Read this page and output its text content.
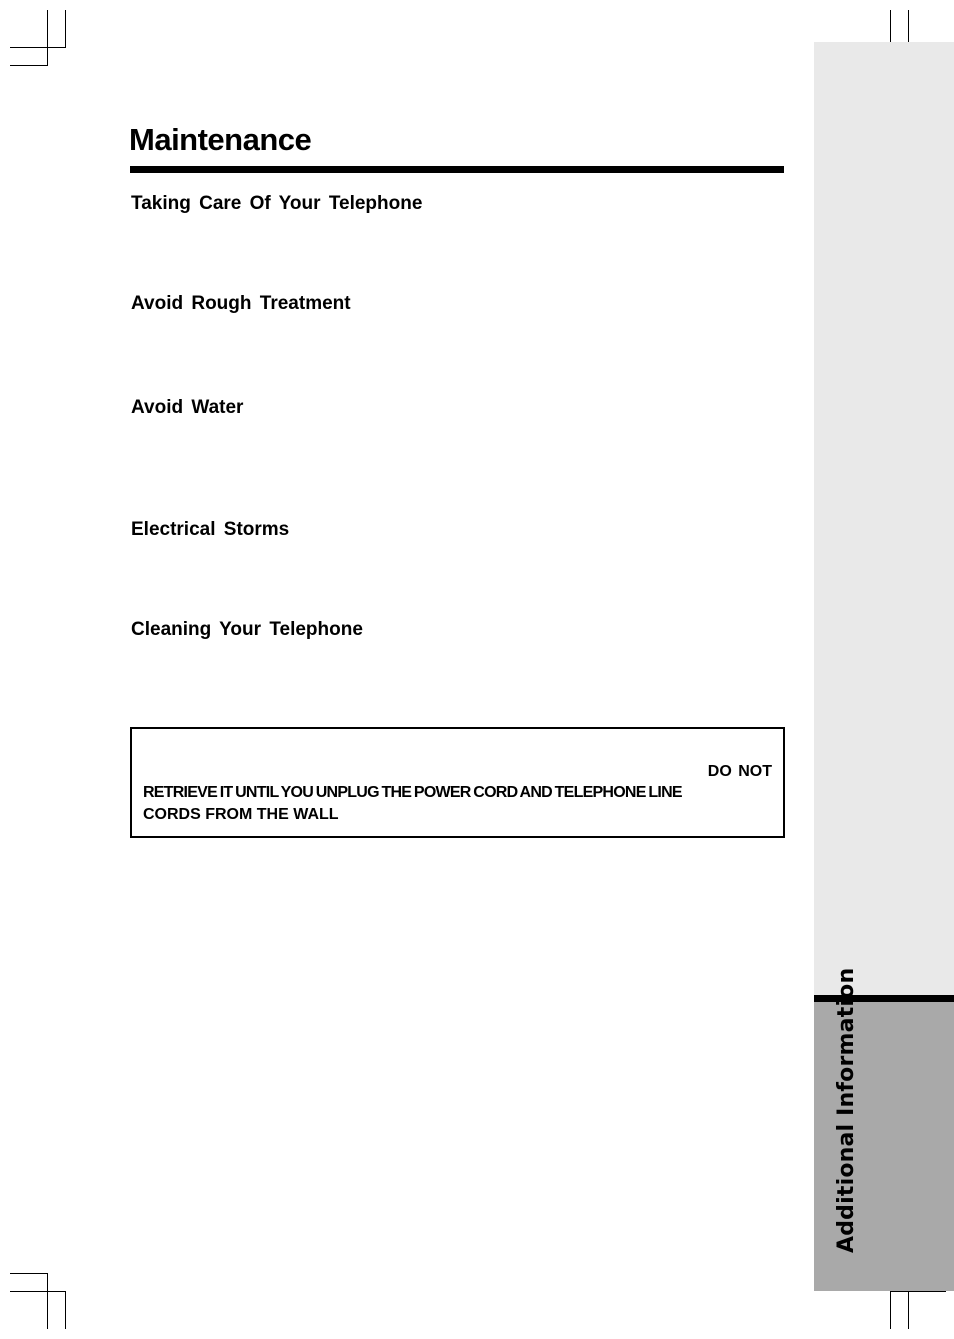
Additional Information
Maintenance
Taking Care Of Your Telephone
Avoid Rough Treatment
Avoid Water
Electrical Storms
Cleaning Your Telephone
DO NOT
RETRIEVE IT UNTIL YOU UNPLUG THE POWER CORD AND TELEPHONE LINE
CORDS FROM THE WALL
